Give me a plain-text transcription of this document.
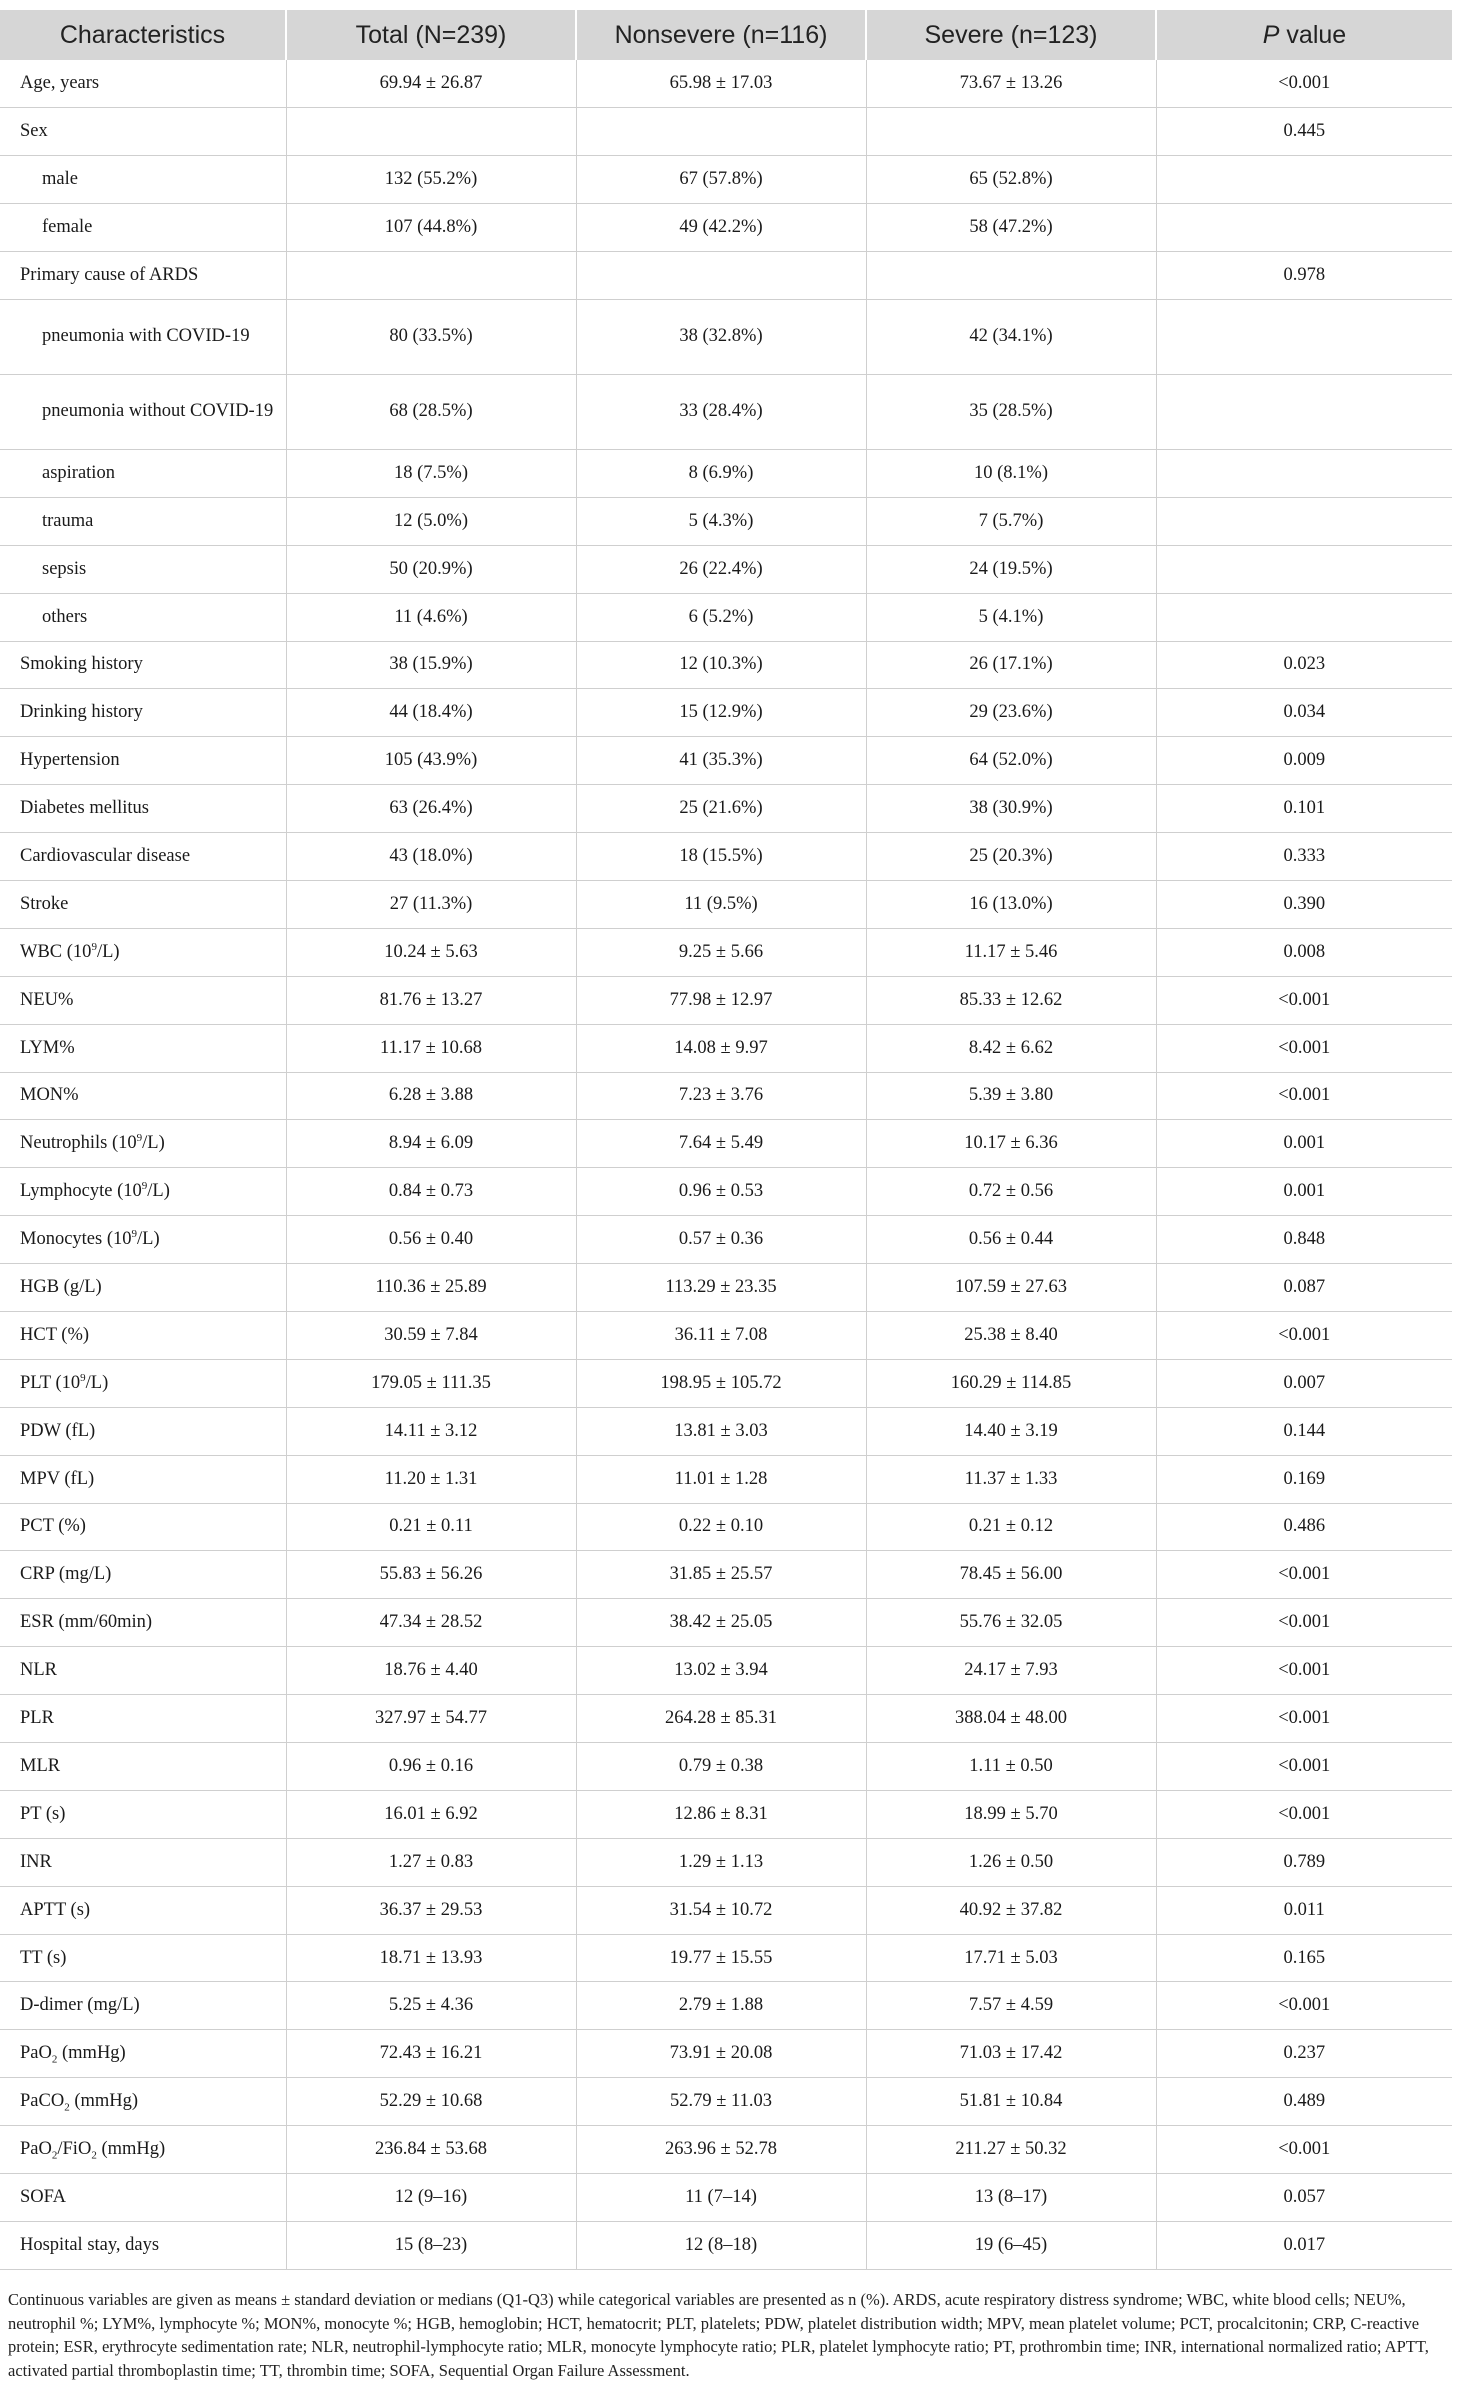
Characteristics	Total (N=239)	Nonsevere (n=116)	Severe (n=123)	P value
Age, years	69.94 ± 26.87	65.98 ± 17.03	73.67 ± 13.26	<0.001
Sex				0.445
male	132 (55.2%)	67 (57.8%)	65 (52.8%)	
female	107 (44.8%)	49 (42.2%)	58 (47.2%)	
Primary cause of ARDS				0.978
pneumonia with COVID-19	80 (33.5%)	38 (32.8%)	42 (34.1%)	
pneumonia without COVID-19	68 (28.5%)	33 (28.4%)	35 (28.5%)	
aspiration	18 (7.5%)	8 (6.9%)	10 (8.1%)	
trauma	12 (5.0%)	5 (4.3%)	7 (5.7%)	
sepsis	50 (20.9%)	26 (22.4%)	24 (19.5%)	
others	11 (4.6%)	6 (5.2%)	5 (4.1%)	
Smoking history	38 (15.9%)	12 (10.3%)	26 (17.1%)	0.023
Drinking history	44 (18.4%)	15 (12.9%)	29 (23.6%)	0.034
Hypertension	105 (43.9%)	41 (35.3%)	64 (52.0%)	0.009
Diabetes mellitus	63 (26.4%)	25 (21.6%)	38 (30.9%)	0.101
Cardiovascular disease	43 (18.0%)	18 (15.5%)	25 (20.3%)	0.333
Stroke	27 (11.3%)	11 (9.5%)	16 (13.0%)	0.390
WBC $(10^9/L)$	10.24 ± 5.63	9.25 ± 5.66	11.17 ± 5.46	0.008
NEU%	81.76 ± 13.27	77.98 ± 12.97	85.33 ± 12.62	<0.001
LYM%	11.17 ± 10.68	14.08 ± 9.97	8.42 ± 6.62	<0.001
MON%	6.28 ± 3.88	7.23 ± 3.76	5.39 ± 3.80	<0.001
Neutrophils $(10^9/L)$	8.94 ± 6.09	7.64 ± 5.49	10.17 ± 6.36	0.001
Lymphocyte $(10^9/L)$	0.84 ± 0.73	0.96 ± 0.53	0.72 ± 0.56	0.001
Monocytes $(10^9/L)$	0.56 ± 0.40	0.57 ± 0.36	0.56 ± 0.44	0.848
HGB (g/L)	110.36 ± 25.89	113.29 ± 23.35	107.59 ± 27.63	0.087
HCT (%)	30.59 ± 7.84	36.11 ± 7.08	25.38 ± 8.40	<0.001
PLT $(10^9/L)$	179.05 ± 111.35	198.95 ± 105.72	160.29 ± 114.85	0.007
PDW (fL)	14.11 ± 3.12	13.81 ± 3.03	14.40 ± 3.19	0.144
MPV (fL)	11.20 ± 1.31	11.01 ± 1.28	11.37 ± 1.33	0.169
PCT (%)	0.21 ± 0.11	0.22 ± 0.10	0.21 ± 0.12	0.486
CRP (mg/L)	55.83 ± 56.26	31.85 ± 25.57	78.45 ± 56.00	<0.001
ESR (mm/60min)	47.34 ± 28.52	38.42 ± 25.05	55.76 ± 32.05	<0.001
NLR	18.76 ± 4.40	13.02 ± 3.94	24.17 ± 7.93	<0.001
PLR	327.97 ± 54.77	264.28 ± 85.31	388.04 ± 48.00	<0.001
MLR	0.96 ± 0.16	0.79 ± 0.38	1.11 ± 0.50	<0.001
PT (s)	16.01 ± 6.92	12.86 ± 8.31	18.99 ± 5.70	<0.001
INR	1.27 ± 0.83	1.29 ± 1.13	1.26 ± 0.50	0.789
APTT (s)	36.37 ± 29.53	31.54 ± 10.72	40.92 ± 37.82	0.011
TT (s)	18.71 ± 13.93	19.77 ± 15.55	17.71 ± 5.03	0.165
D-dimer (mg/L)	5.25 ± 4.36	2.79 ± 1.88	7.57 ± 4.59	<0.001
PaO$_2$ (mmHg)	72.43 ± 16.21	73.91 ± 20.08	71.03 ± 17.42	0.237
PaCO$_2$ (mmHg)	52.29 ± 10.68	52.79 ± 11.03	51.81 ± 10.84	0.489
PaO$_2$/FiO$_2$ (mmHg)	236.84 ± 53.68	263.96 ± 52.78	211.27 ± 50.32	<0.001
SOFA	12 (9–16)	11 (7–14)	13 (8–17)	0.057
Hospital stay, days	15 (8–23)	12 (8–18)	19 (6–45)	0.017
Continuous variables are given as means ± standard deviation or medians (Q1-Q3) while categorical variables are presented as n (%). ARDS, acute respiratory distress syndrome; WBC, white blood cells; NEU%, neutrophil %; LYM%, lymphocyte %; MON%, monocyte %; HGB, hemoglobin; HCT, hematocrit; PLT, platelets; PDW, platelet distribution width; MPV, mean platelet volume; PCT, procalcitonin; CRP, C-reactive protein; ESR, erythrocyte sedimentation rate; NLR, neutrophil-lymphocyte ratio; MLR, monocyte lymphocyte ratio; PLR, platelet lymphocyte ratio; PT, prothrombin time; INR, international normalized ratio; APTT, activated partial thromboplastin time; TT, thrombin time; SOFA, Sequential Organ Failure Assessment.
